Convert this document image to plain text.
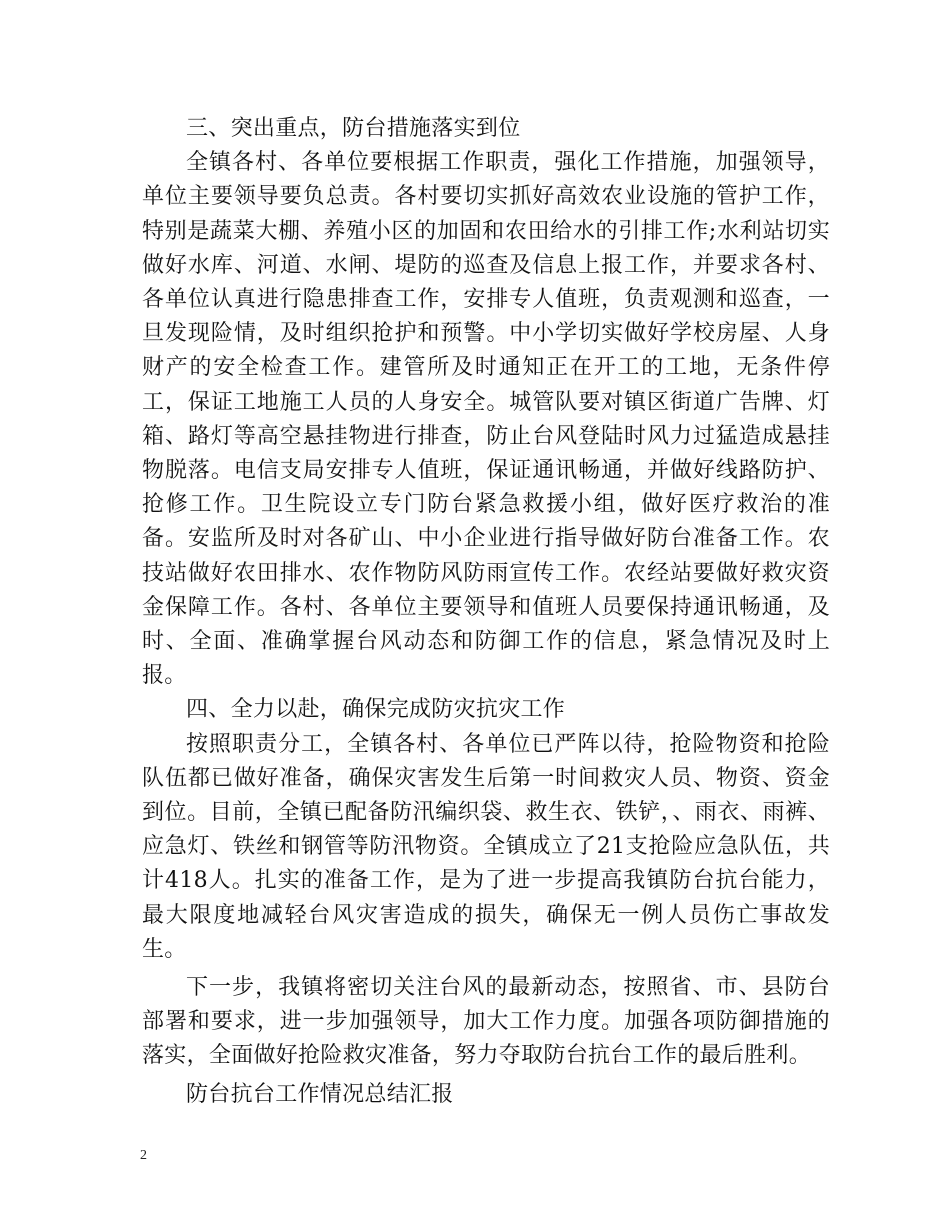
三、突出重点，防台措施落实到位

全镇各村、各单位要根据工作职责，强化工作措施，加强领导，单位主要领导要负总责。各村要切实抓好高效农业设施的管护工作，特别是蔬菜大棚、养殖小区的加固和农田给水的引排工作;水利站切实做好水库、河道、水闸、堤防的巡查及信息上报工作，并要求各村、各单位认真进行隐患排查工作，安排专人值班，负责观测和巡查，一旦发现险情，及时组织抢护和预警。中小学切实做好学校房屋、人身财产的安全检查工作。建管所及时通知正在开工的工地，无条件停工，保证工地施工人员的人身安全。城管队要对镇区街道广告牌、灯箱、路灯等高空悬挂物进行排查，防止台风登陆时风力过猛造成悬挂物脱落。电信支局安排专人值班，保证通讯畅通，并做好线路防护、抢修工作。卫生院设立专门防台紧急救援小组，做好医疗救治的准备。安监所及时对各矿山、中小企业进行指导做好防台准备工作。农技站做好农田排水、农作物防风防雨宣传工作。农经站要做好救灾资金保障工作。各村、各单位主要领导和值班人员要保持通讯畅通，及时、全面、准确掌握台风动态和防御工作的信息，紧急情况及时上报。

四、全力以赴，确保完成防灾抗灾工作

按照职责分工，全镇各村、各单位已严阵以待，抢险物资和抢险队伍都已做好准备，确保灾害发生后第一时间救灾人员、物资、资金到位。目前，全镇已配备防汛编织袋、救生衣、铁铲，、雨衣、雨裤、应急灯、铁丝和钢管等防汛物资。全镇成立了21支抢险应急队伍，共计418人。扎实的准备工作，是为了进一步提高我镇防台抗台能力，最大限度地减轻台风灾害造成的损失，确保无一例人员伤亡事故发生。

下一步，我镇将密切关注台风的最新动态，按照省、市、县防台部署和要求，进一步加强领导，加大工作力度。加强各项防御措施的落实，全面做好抢险救灾准备，努力夺取防台抗台工作的最后胜利。

防台抗台工作情况总结汇报

2
